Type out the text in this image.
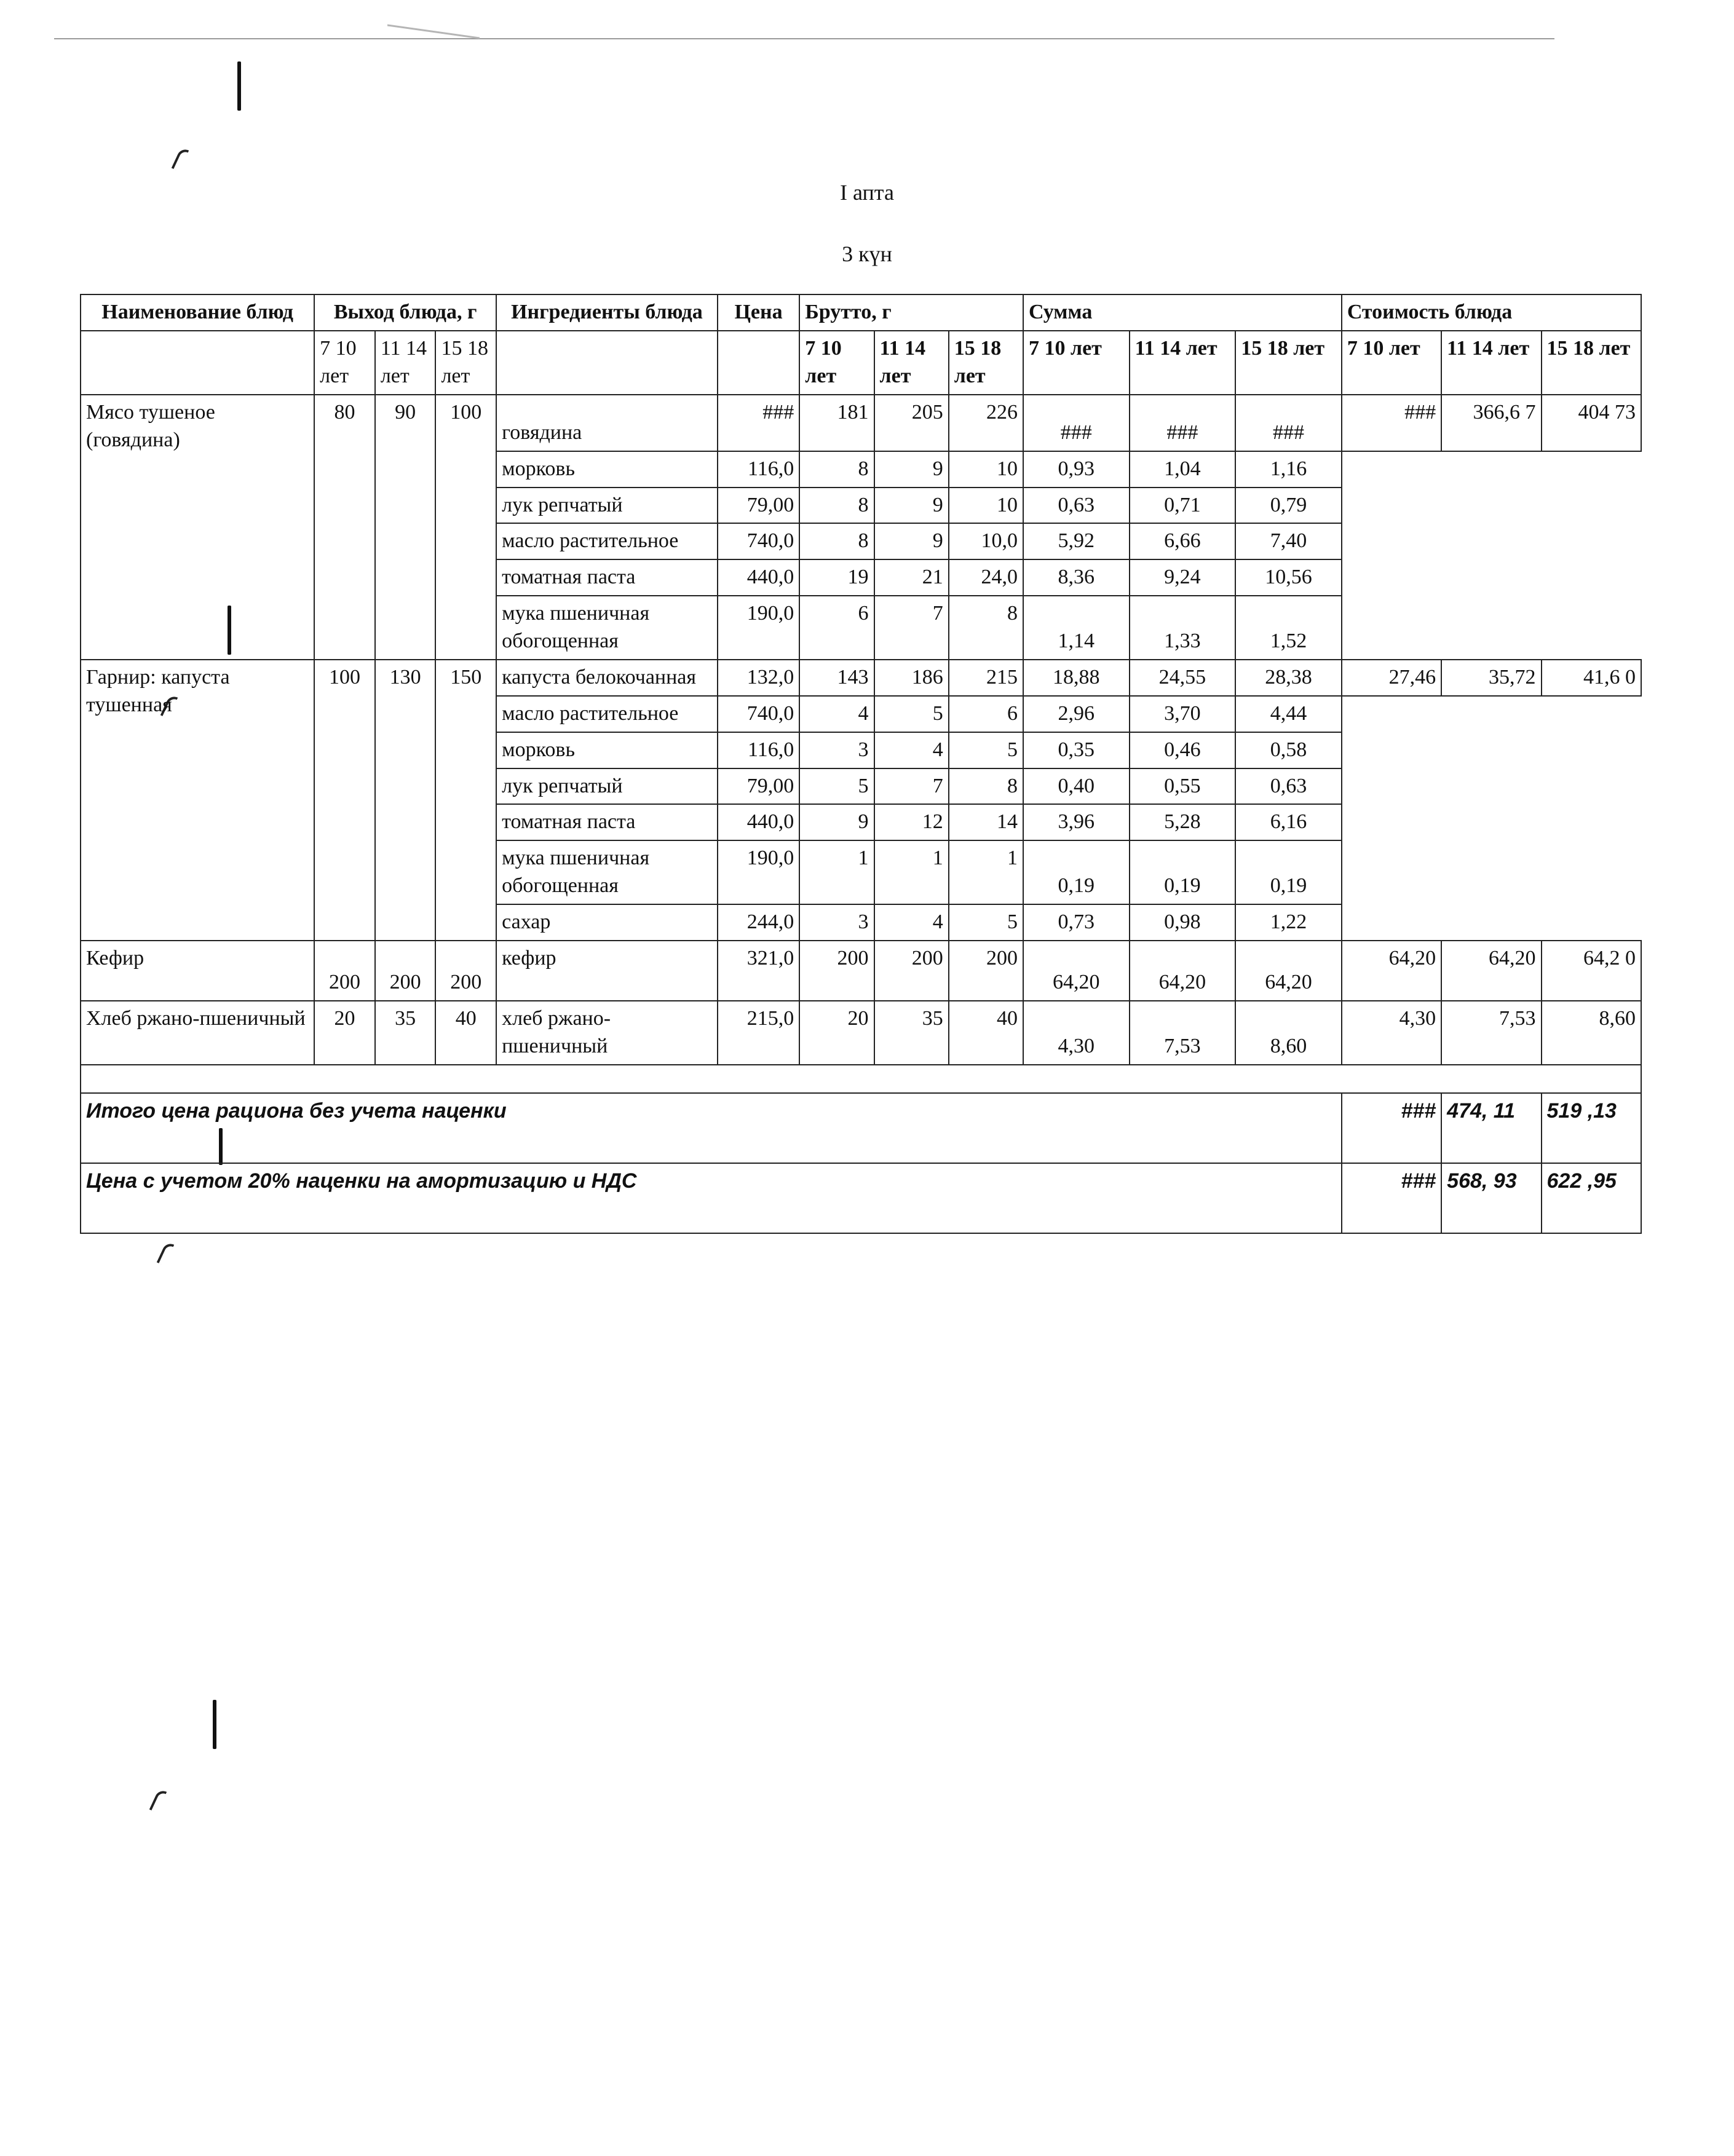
I апта
3 күн
Наименование блюд	Выход блюда, г			Ингредиенты блюда	Цена	Брутто, г			Сумма			Стоимость блюда		
	7 10 лет	11 14 лет	15 18 лет			7 10 лет	11 14 лет	15 18 лет	7 10 лет	11 14 лет	15 18 лет	7 10 лет	11 14 лет	15 18 лет
Мясо тушеное (говядина)	80	90	100	говядина	###	181	205	226	###	###	###	###	366,6 7	404 73
				морковь	116,0	8	9	10	0,93	1,04	1,16			
				лук репчатый	79,00	8	9	10	0,63	0,71	0,79			
				масло растительное	740,0	8	9	10,0	5,92	6,66	7,40			
				томатная паста	440,0	19	21	24,0	8,36	9,24	10,56			
				мука пшеничная обогощенная	190,0	6	7	8	1,14	1,33	1,52			
Гарнир: капуста тушенная	100	130	150	капуста белокочанная	132,0	143	186	215	18,88	24,55	28,38	27,46	35,72	41,6 0
				масло растительное	740,0	4	5	6	2,96	3,70	4,44			
				морковь	116,0	3	4	5	0,35	0,46	0,58			
				лук репчатый	79,00	5	7	8	0,40	0,55	0,63			
				томатная паста	440,0	9	12	14	3,96	5,28	6,16			
				мука пшеничная обогощенная	190,0	1	1	1	0,19	0,19	0,19			
				сахар	244,0	3	4	5	0,73	0,98	1,22			
Кефир	200	200	200	кефир	321,0	200	200	200	64,20	64,20	64,20	64,20	64,20	64,2 0
Хлеб ржано-пшеничный	20	35	40	хлеб ржано-пшеничный	215,0	20	35	40	4,30	7,53	8,60	4,30	7,53	8,60

Итого цена рациона без учета наценки												###	474, 11	519 ,13
Цена с учетом 20% наценки на амортизацию и НДС												###	568, 93	622 ,95
